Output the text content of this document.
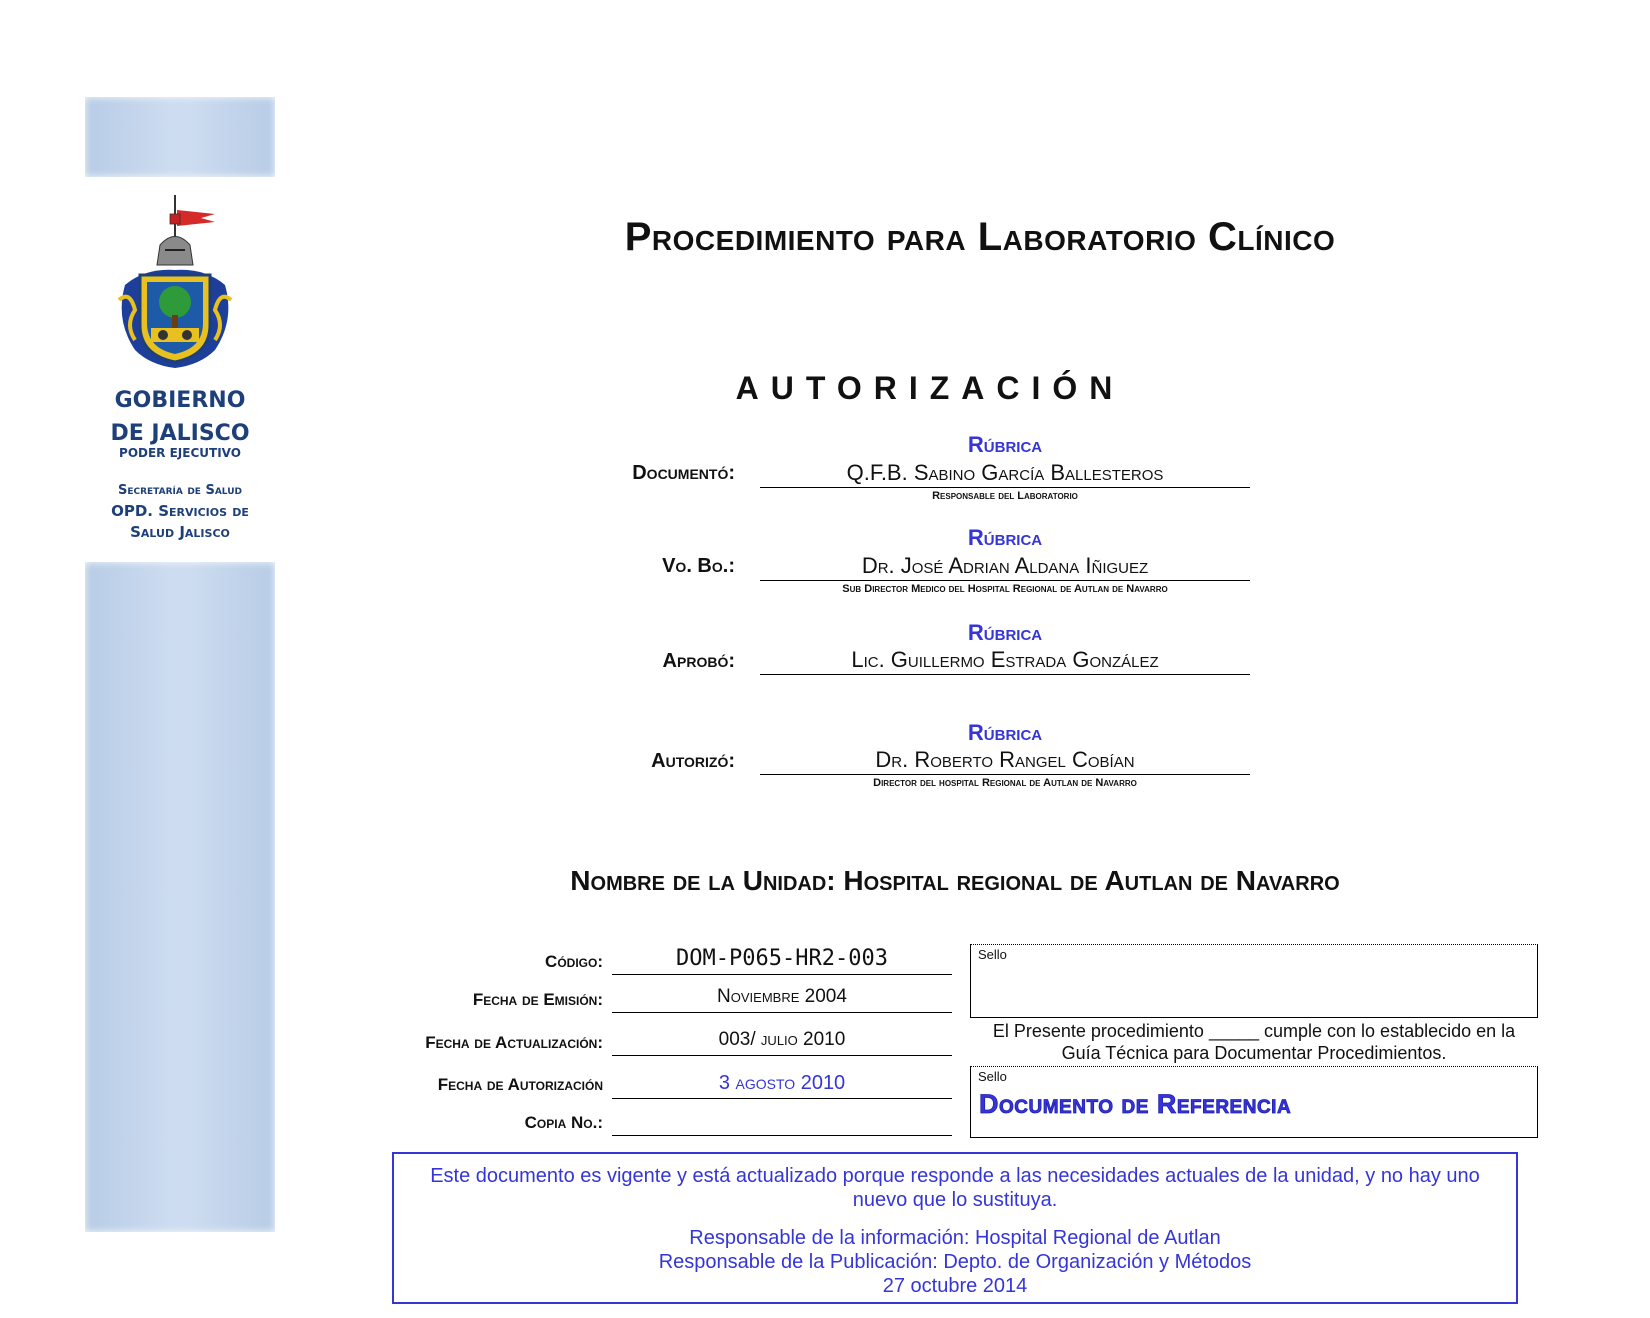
GOBIERNO
DE JALISCO
PODER EJECUTIVO
Secretaría de Salud
OPD. Servicios de
Salud Jalisco
Procedimiento para Laboratorio Clínico
AUTORIZACIÓN
Rúbrica
Documentó:	Q.F.B. Sabino García Ballesteros
Responsable del Laboratorio
Rúbrica
Vo. Bo.:	Dr. José Adrian Aldana Iñiguez
Sub Director Medico del Hospital Regional de Autlan de Navarro
Rúbrica
Aprobó:	Lic. Guillermo Estrada González
Rúbrica
Autorizó:	Dr. Roberto Rangel Cobían
Director del hospital Regional de Autlan de Navarro
Nombre de la Unidad: Hospital regional de Autlan de Navarro
Código:	DOM-P065-HR2-003
Fecha de Emisión:	Noviembre 2004
Fecha de Actualización:	003/ julio 2010
Fecha de Autorización	3 agosto 2010
Copia No.:
Sello
El Presente procedimiento _____ cumple con lo establecido en la
Guía Técnica para Documentar Procedimientos.
Sello
Documento de Referencia
Este documento es vigente y está actualizado porque responde a las necesidades actuales de la unidad, y no hay uno nuevo que lo sustituya.
Responsable de la información: Hospital Regional de Autlan
Responsable de la Publicación: Depto. de Organización y Métodos
27 octubre 2014
